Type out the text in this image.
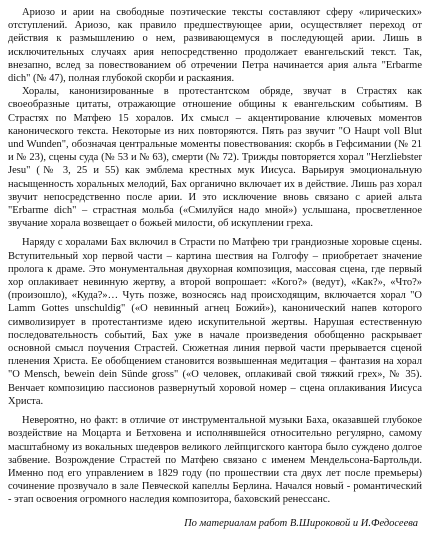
Ариозо и арии на свободные поэтические тексты составляют сферу «лирических» отступлений. Ариозо, как правило предшествующее арии, осуществляет переход от действия к размышлению о нем, развивающемуся в последующей арии. Лишь в исключительных случаях ария непосредственно продолжает евангельский текст. Так, внезапно, вслед за повествованием об отречении Петра начинается ария альта "Erbarme dich" (№ 47), полная глубокой скорби и раскаяния.

Хоралы, канонизированные в протестантском обряде, звучат в Страстях как своеобразные цитаты, отражающие отношение общины к евангельским событиям. В Страстях по Матфею 15 хоралов. Их смысл – акцентирование ключевых моментов канонического текста. Некоторые из них повторяются. Пять раз звучит "O Haupt voll Blut und Wunden", обозначая центральные моменты повествования: скорбь в Гефсимании (№ 21 и № 23), сцены суда (№ 53 и № 63), смерти (№ 72). Трижды повторяется хорал "Herzliebster Jesu" (№ 3, 25 и 55) как эмблема крестных мук Иисуса. Варьируя эмоциональную насыщенность хоральных мелодий, Бах органично включает их в действие. Лишь раз хорал звучит непосредственно после арии. И это исключение вновь связано с арией альта "Erbarme dich" – страстная мольба («Смилуйся надо мной») услышана, просветленное звучание хорала возвещает о божьей милости, об искуплении греха.

Наряду с хоралами Бах включил в Страсти по Матфею три грандиозные хоровые сцены. Вступительный хор первой части – картина шествия на Голгофу – приобретает значение пролога к драме. Это монументальная двухорная композиция, массовая сцена, где первый хор оплакивает невинную жертву, а второй вопрошает: «Кого?» (ведут), «Как?», «Что?» (произошло), «Куда?»… Чуть позже, возносясь над происходящим, включается хорал "O Lamm Gottes unschuldig" («О невинный агнец Божий»), канонический напев которого символизирует в протестантизме идею искупительной жертвы. Нарушая естественную последовательность событий, Бах уже в начале произведения обобщенно раскрывает основной смысл поучения Страстей. Сюжетная линия первой части прерывается сценой пленения Христа. Ее обобщением становится возвышенная медитация – фантазия на хорал "O Mensch, bewein dein Sünde gross" («О человек, оплакивай свой тяжкий грех», № 35). Венчает композицию пассионов развернутый хоровой номер – сцена оплакивания Иисуса Христа.

Невероятно, но факт: в отличие от инструментальной музыки Баха, оказавшей глубокое воздействие на Моцарта и Бетховена и исполнявшейся относительно регулярно, самому масштабному из вокальных шедевров великого лейпцигского кантора было суждено долгое забвение. Возрождение Страстей по Матфею связано с именем Мендельсона-Бартольди. Именно под его управлением в 1829 году (по прошествии ста двух лет после премьеры) сочинение прозвучало в зале Певческой капеллы Берлина. Начался новый - романтический - этап освоения огромного наследия композитора, баховский ренессанс.

По материалам работ В.Широковой и И.Федосеева
